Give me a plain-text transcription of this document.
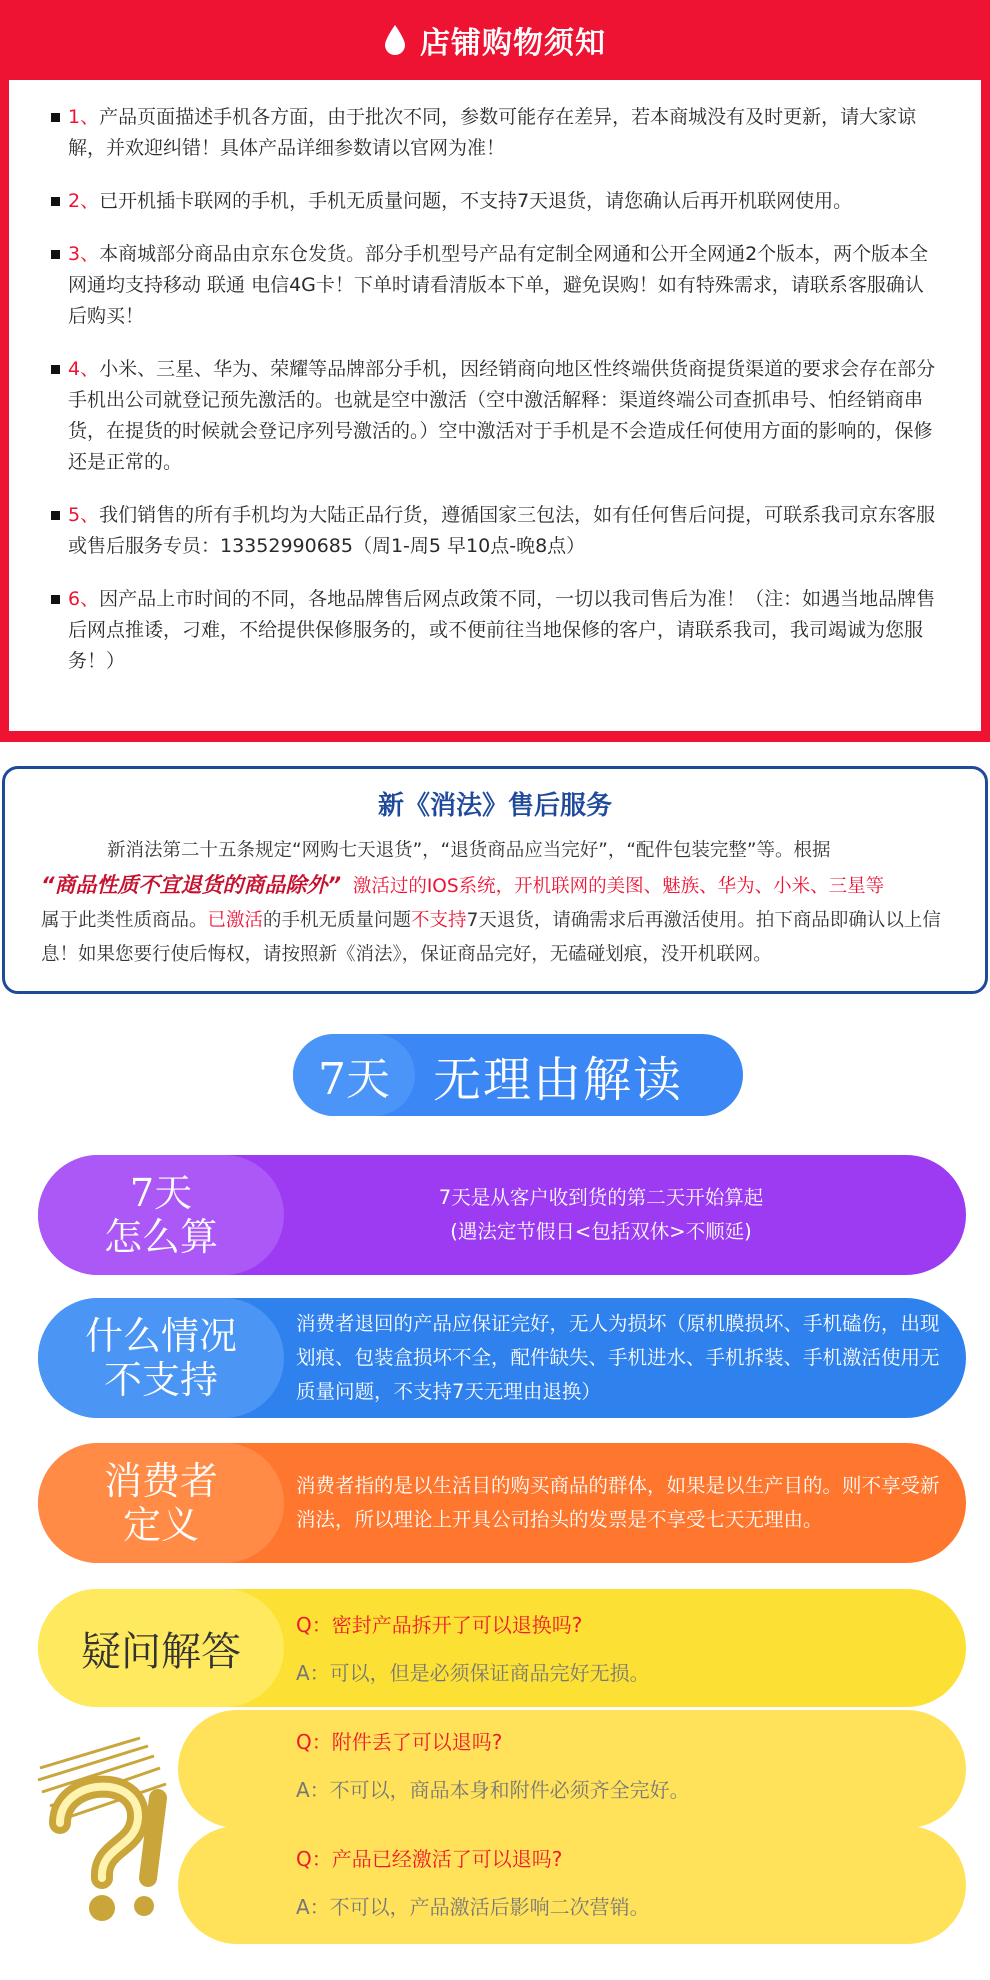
店铺购物须知
1、产品页面描述手机各方面，由于批次不同，参数可能存在差异，若本商城没有及时更新，请大家谅解，并欢迎纠错！具体产品详细参数请以官网为准！
2、已开机插卡联网的手机，手机无质量问题，不支持7天退货，请您确认后再开机联网使用。
3、本商城部分商品由京东仓发货。部分手机型号产品有定制全网通和公开全网通2个版本，两个版本全网通均支持移动 联通 电信4G卡！下单时请看清版本下单，避免误购！如有特殊需求，请联系客服确认后购买！
4、小米、三星、华为、荣耀等品牌部分手机，因经销商向地区性终端供货商提货渠道的要求会存在部分手机出公司就登记预先激活的。也就是空中激活（空中激活解释：渠道终端公司查抓串号、怕经销商串货，在提货的时候就会登记序列号激活的。）空中激活对于手机是不会造成任何使用方面的影响的，保修还是正常的。
5、我们销售的所有手机均为大陆正品行货，遵循国家三包法，如有任何售后问提，可联系我司京东客服或售后服务专员：13352990685（周1-周5 早10点-晚8点）
6、因产品上市时间的不同，各地品牌售后网点政策不同，一切以我司售后为准！（注：如遇当地品牌售后网点推诿，刁难，不给提供保修服务的，或不便前往当地保修的客户，请联系我司，我司竭诚为您服务！）
新《消法》售后服务

新消法第二十五条规定“网购七天退货”，“退货商品应当完好”，“配件包装完整”等。根据
“商品性质不宜退货的商品除外” 激活过的IOS系统，开机联网的美图、魅族、华为、小米、三星等
属于此类性质商品。已激活的手机无质量问题不支持7天退货，请确需求后再激活使用。拍下商品即确认以上信息！如果您要行使后悔权，请按照新《消法》，保证商品完好，无磕碰划痕，没开机联网。

7天 无理由解读
7天
怎么算
7天是从客户收到货的第二天开始算起
(遇法定节假日<包括双休>不顺延)
什么情况
不支持
消费者退回的产品应保证完好，无人为损坏（原机膜损坏、手机磕伤，出现划痕、包装盒损坏不全，配件缺失、手机进水、手机拆装、手机激活使用无质量问题，不支持7天无理由退换）
消费者
定义
消费者指的是以生活目的购买商品的群体，如果是以生产目的。则不享受新消法，所以理论上开具公司抬头的发票是不享受七天无理由。
疑问解答
Q：密封产品拆开了可以退换吗?
A：可以，但是必须保证商品完好无损。
Q：附件丢了可以退吗?
A：不可以，商品本身和附件必须齐全完好。
Q：产品已经激活了可以退吗?
A：不可以，产品激活后影响二次营销。
